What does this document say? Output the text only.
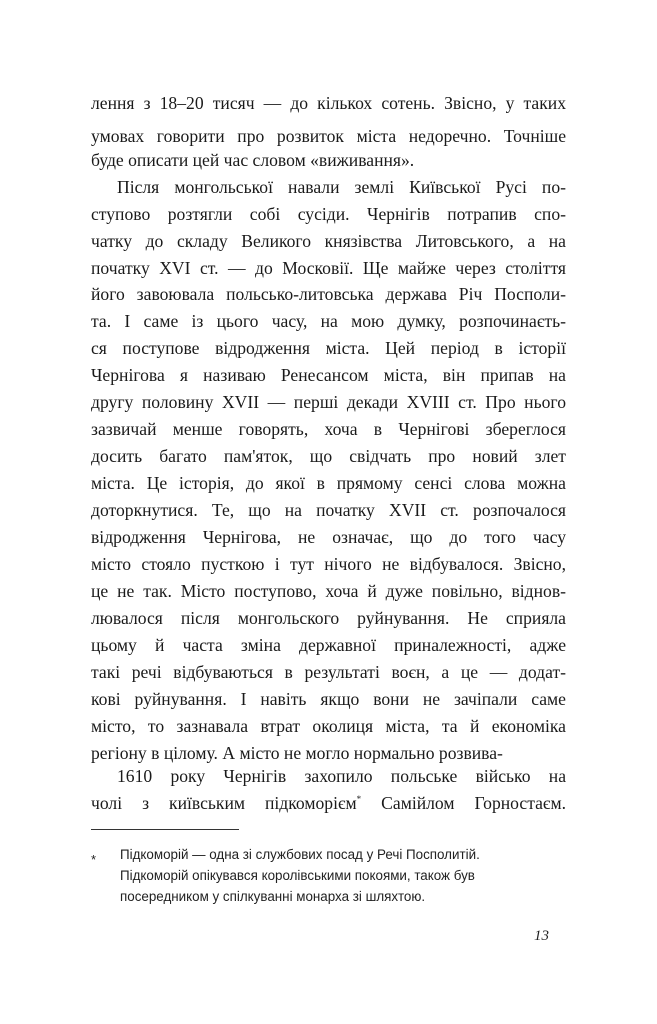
лення з 18–20 тисяч — до кількох сотень. Звісно, у таких
умовах говорити про розвиток міста недоречно. Точніше
буде описати цей час словом «виживання».
Після монгольської навали землі Київської Русі по-
ступово розтягли собі сусіди. Чернігів потрапив спо-
чатку до складу Великого князівства Литовського, а на
початку XVI ст. — до Московії. Ще майже через століття
його завоювала польсько-литовська держава Річ Посполи-
та. І саме із цього часу, на мою думку, розпочинаєть-
ся поступове відродження міста. Цей період в історії
Чернігова я називаю Ренесансом міста, він припав на
другу половину XVII — перші декади XVIII ст. Про нього
зазвичай менше говорять, хоча в Чернігові збереглося
досить багато пам'яток, що свідчать про новий злет
міста. Це історія, до якої в прямому сенсі слова можна
доторкнутися. Те, що на початку XVII ст. розпочалося
відродження Чернігова, не означає, що до того часу
місто стояло пусткою і тут нічого не відбувалося. Звісно,
це не так. Місто поступово, хоча й дуже повільно, віднов-
лювалося після монгольского руйнування. Не сприяла
цьому й часта зміна державної приналежності, адже
такі речі відбуваються в результаті воєн, а це — додат-
кові руйнування. І навіть якщо вони не зачіпали саме
місто, то зазнавала втрат околиця міста, та й економіка
регіону в цілому. А місто не могло нормально розвива-
1610 року Чернігів захопило польське військо на
чолі з київським підкоморієм* Самійлом Горностаєм.
* Підкоморій — одна зі службових посад у Речі Посполитій.
Підкоморій опікувався королівськими покоями, також був
посередником у спілкуванні монарха зі шляхтою.
13
